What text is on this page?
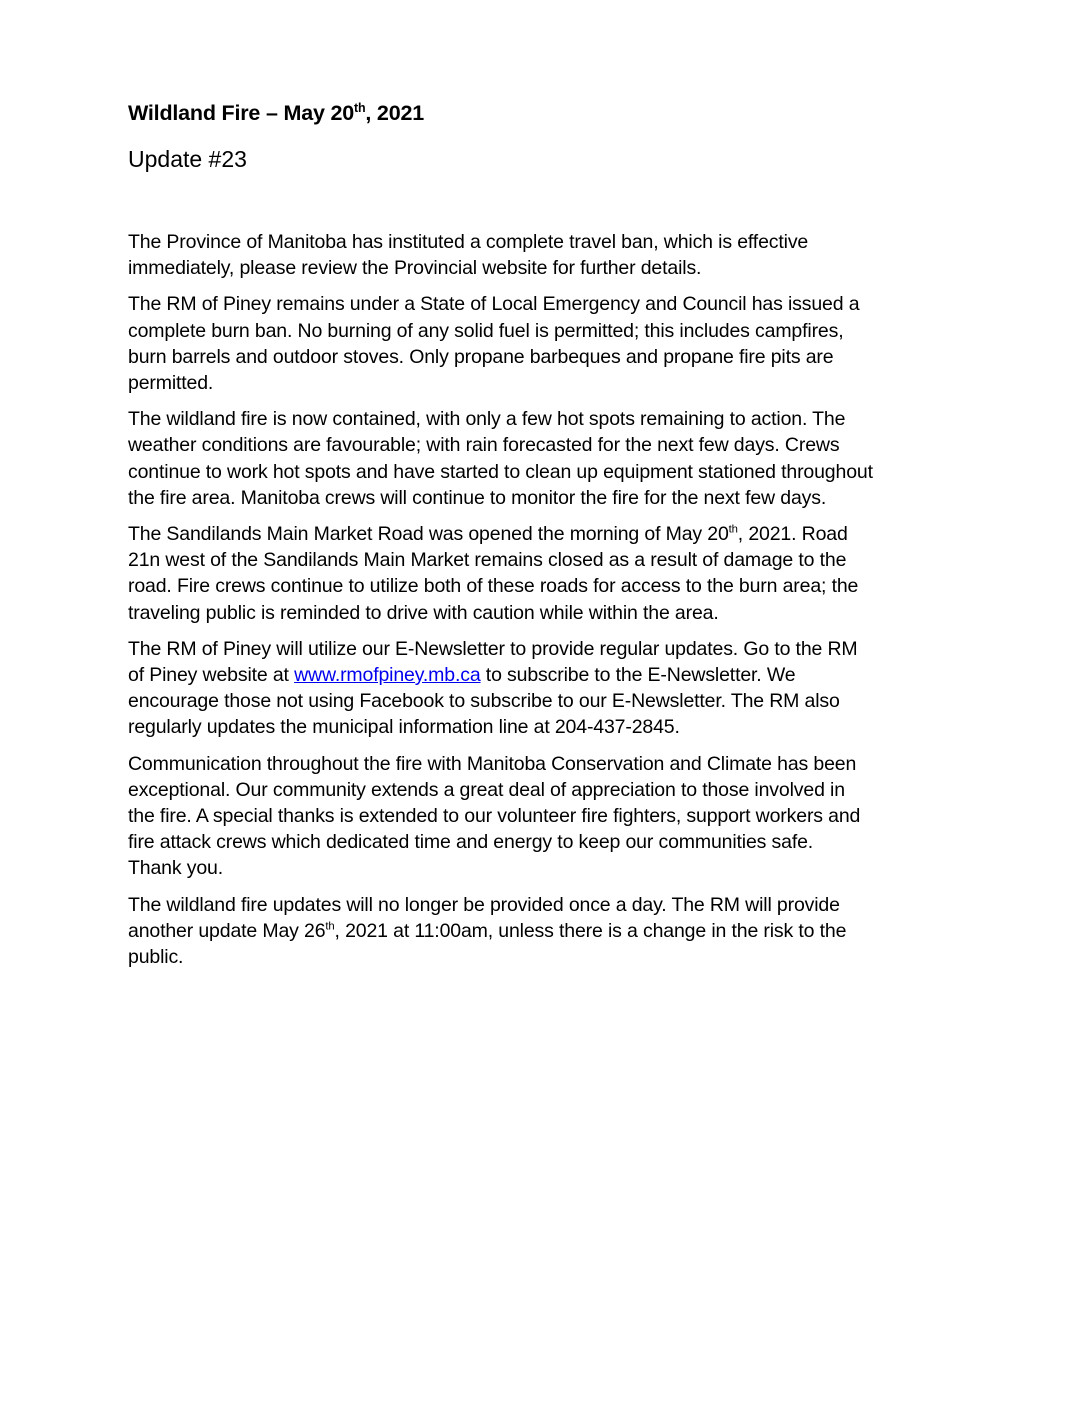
Wildland Fire – May 20th, 2021
Update #23

The Province of Manitoba has instituted a complete travel ban, which is effective
immediately, please review the Provincial website for further details.

The RM of Piney remains under a State of Local Emergency and Council has issued a
complete burn ban. No burning of any solid fuel is permitted; this includes campfires,
burn barrels and outdoor stoves. Only propane barbeques and propane fire pits are
permitted.

The wildland fire is now contained, with only a few hot spots remaining to action. The
weather conditions are favourable; with rain forecasted for the next few days. Crews
continue to work hot spots and have started to clean up equipment stationed throughout
the fire area. Manitoba crews will continue to monitor the fire for the next few days.

The Sandilands Main Market Road was opened the morning of May 20th, 2021. Road
21n west of the Sandilands Main Market remains closed as a result of damage to the
road. Fire crews continue to utilize both of these roads for access to the burn area; the
traveling public is reminded to drive with caution while within the area.

The RM of Piney will utilize our E-Newsletter to provide regular updates. Go to the RM
of Piney website at www.rmofpiney.mb.ca to subscribe to the E-Newsletter. We
encourage those not using Facebook to subscribe to our E-Newsletter. The RM also
regularly updates the municipal information line at 204-437-2845.

Communication throughout the fire with Manitoba Conservation and Climate has been
exceptional. Our community extends a great deal of appreciation to those involved in
the fire. A special thanks is extended to our volunteer fire fighters, support workers and
fire attack crews which dedicated time and energy to keep our communities safe.
Thank you.

The wildland fire updates will no longer be provided once a day. The RM will provide
another update May 26th, 2021 at 11:00am, unless there is a change in the risk to the
public.
